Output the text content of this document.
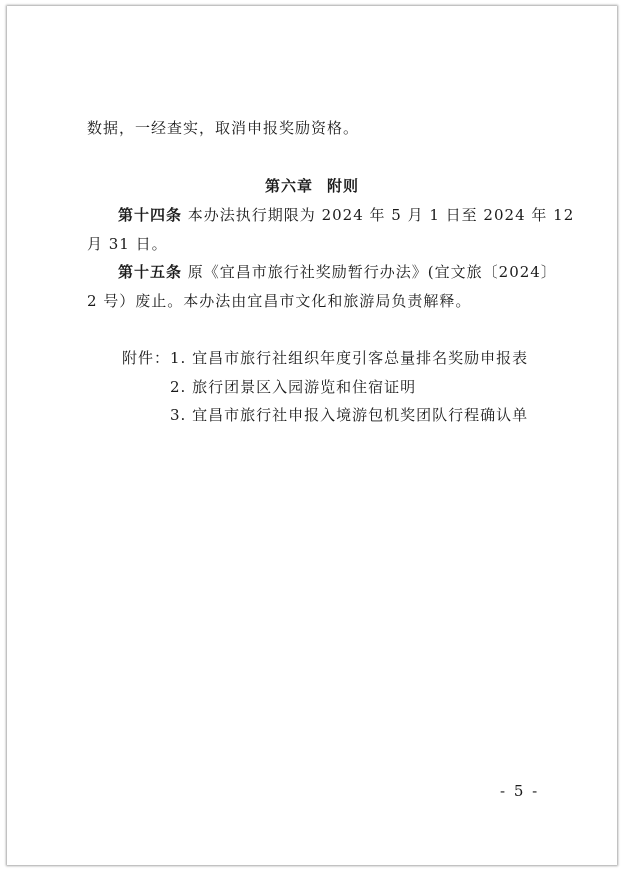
数据，一经查实，取消申报奖励资格。
第六章 附则
第十四条 本办法执行期限为 2024 年 5 月 1 日至 2024 年 12
月 31 日。
第十五条 原《宜昌市旅行社奖励暂行办法》(宜文旅〔2024〕
2 号）废止。本办法由宜昌市文化和旅游局负责解释。
附件：1. 宜昌市旅行社组织年度引客总量排名奖励申报表
2. 旅行团景区入园游览和住宿证明
3. 宜昌市旅行社申报入境游包机奖团队行程确认单
- 5 -
